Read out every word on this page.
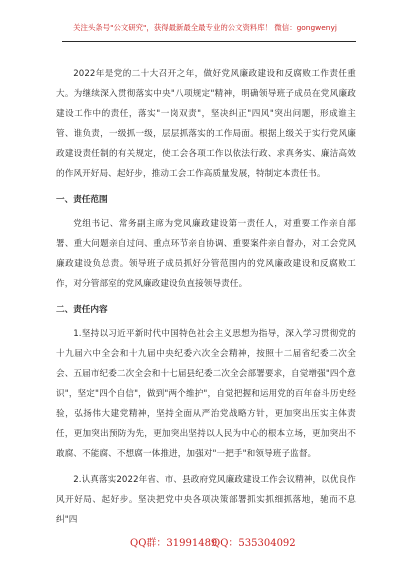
关注头条号"公文研究"，获得最新最全最专业的公文资料库！ 微信：gongwenyj

2022年是党的二十大召开之年，做好党风廉政建设和反腐败工作责任重大。为继续深入贯彻落实中央"八项规定"精神，明确领导班子成员在党风廉政建设工作中的责任，落实"一岗双责"，坚决纠正"四风"突出问题，形成谁主管、谁负责，一级抓一级，层层抓落实的工作局面。根据上级关于实行党风廉政建设责任制的有关规定，使工会各项工作以依法行政、求真务实、廉洁高效的作风开好局、起好步，推动工会工作高质量发展，特制定本责任书。

一、责任范围

党组书记、常务副主席为党风廉政建设第一责任人，对重要工作亲自部署、重大问题亲自过问、重点环节亲自协调、重要案件亲自督办，对工会党风廉政建设负总责。领导班子成员抓好分管范围内的党风廉政建设和反腐败工作，对分管部室的党风廉政建设负直接领导责任。

二、责任内容

1.坚持以习近平新时代中国特色社会主义思想为指导，深入学习贯彻党的十九届六中全会和十九届中央纪委六次全会精神，按照十二届省纪委二次全会、五届市纪委二次全会和十七届县纪委二次全会部署要求，自觉增强"四个意识"，坚定"四个自信"，做到"两个维护"，自觉把握和运用党的百年奋斗历史经验，弘扬伟大建党精神，坚持全面从严治党战略方针，更加突出压实主体责任，更加突出预防为先，更加突出坚持以人民为中心的根本立场，更加突出不敢腐、不能腐、不想腐一体推进，加强对"一把手"和领导班子监督。

2.认真落实2022年省、市、县政府党风廉政建设工作会议精神，以优良作风开好局、起好步。坚决把党中央各项决策部署抓实抓细抓落地，驰而不息纠"四

QQ群：31991489
QQ：535304092
